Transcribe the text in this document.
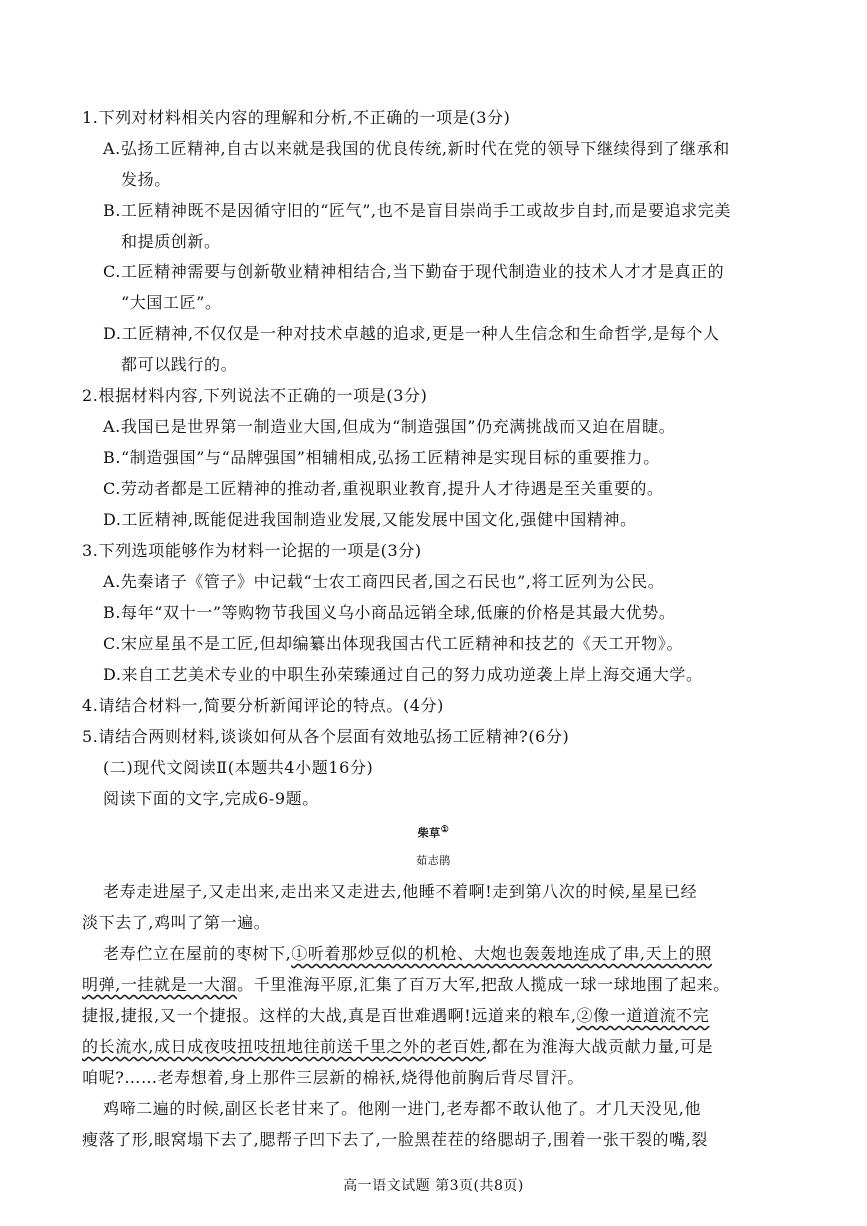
1.下列对材料相关内容的理解和分析,不正确的一项是(3分)
A.弘扬工匠精神,自古以来就是我国的优良传统,新时代在党的领导下继续得到了继承和
发扬。
B.工匠精神既不是因循守旧的“匠气”,也不是盲目崇尚手工或故步自封,而是要追求完美
和提质创新。
C.工匠精神需要与创新敬业精神相结合,当下勤奋于现代制造业的技术人才才是真正的
“大国工匠”。
D.工匠精神,不仅仅是一种对技术卓越的追求,更是一种人生信念和生命哲学,是每个人
都可以践行的。
2.根据材料内容,下列说法不正确的一项是(3分)
A.我国已是世界第一制造业大国,但成为“制造强国”仍充满挑战而又迫在眉睫。
B.“制造强国”与“品牌强国”相辅相成,弘扬工匠精神是实现目标的重要推力。
C.劳动者都是工匠精神的推动者,重视职业教育,提升人才待遇是至关重要的。
D.工匠精神,既能促进我国制造业发展,又能发展中国文化,强健中国精神。
3.下列选项能够作为材料一论据的一项是(3分)
A.先秦诸子《管子》中记载“士农工商四民者,国之石民也”,将工匠列为公民。
B.每年“双十一”等购物节我国义乌小商品远销全球,低廉的价格是其最大优势。
C.宋应星虽不是工匠,但却编纂出体现我国古代工匠精神和技艺的《天工开物》。
D.来自工艺美术专业的中职生孙荣臻通过自己的努力成功逆袭上岸上海交通大学。
4.请结合材料一,简要分析新闻评论的特点。(4分)
5.请结合两则材料,谈谈如何从各个层面有效地弘扬工匠精神?(6分)
(二)现代文阅读Ⅱ(本题共4小题16分)
阅读下面的文字,完成6-9题。
柴草①
茹志鹃
老寿走进屋子,又走出来,走出来又走进去,他睡不着啊!走到第八次的时候,星星已经
淡下去了,鸡叫了第一遍。
老寿伫立在屋前的枣树下,①听着那炒豆似的机枪、大炮也轰轰地连成了串,天上的照
明弹,一挂就是一大溜。千里淮海平原,汇集了百万大军,把敌人揽成一球一球地围了起来。
捷报,捷报,又一个捷报。这样的大战,真是百世难遇啊!远道来的粮车,②像一道道流不完
的长流水,成日成夜吱扭吱扭地往前送千里之外的老百姓,都在为淮海大战贡献力量,可是
咱呢?……老寿想着,身上那件三层新的棉袄,烧得他前胸后背尽冒汗。
鸡啼二遍的时候,副区长老甘来了。他刚一进门,老寿都不敢认他了。才几天没见,他
瘦落了形,眼窝塌下去了,腮帮子凹下去了,一脸黑茬茬的络腮胡子,围着一张干裂的嘴,裂
高一语文试题 第3页(共8页)
